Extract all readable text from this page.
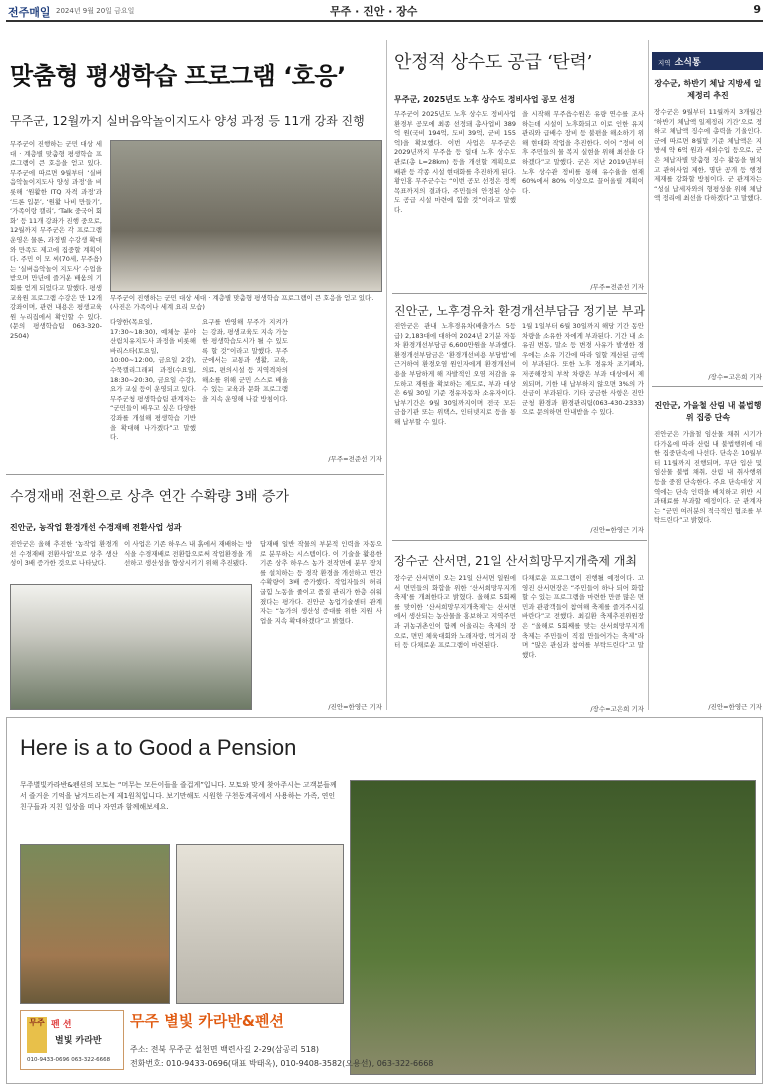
전주매일 2024년 9월 20일 금요일	무주 · 진안 · 장수	9
맞춤형 평생학습 프로그램 ‘호응’
무주군, 12월까지 실버음악놀이지도사 양성 과정 등 11개 강좌 진행
무주군이 진행하는 군민 대상 세대 · 계층별 맞춤형 평생학습 프로그램이 큰 호응을 얻고 있다. 무주군에 따르면 9월부터 ‘실버음악놀이지도사 양성 과정’을 비롯해 ‘원활한 ITQ 자격 과정’과 ‘드론 입문’, ‘원활 나비 만들기’, ‘가족이랑 캘리’, ‘Talk 중국어 회화’ 등 11개 강좌가 진행 중으로, 12월까지 무주군은 각 프로그램 운영은 물론, 과정별 수강생 확대와 만족도 제고에 집중할 계획이다. 주민 이 모 씨(70세, 무주읍)는 ‘실버음악놀이 지도사’ 수업을 받으며 만년에 즐거운 배움의 기회를 얻게 되었다고 말했다. 평생교육원 프로그램 수강은 만 12개 강좌이며, 관련 내용은 평생교육원 누리집에서 확인할 수 있다. (문의 평생학습팀 063-320-2504)
무주군이 진행하는 군민 대상 세대 · 계층별 맞춤형 평생학습 프로그램이 큰 호응을 얻고 있다.(사진은 가족이나 세계 요리 모습)
다양한(목요일, 17:30~18:30), 예체능 분야 산림치유지도사 과정을 비롯해 바리스타(토요일, 10:00~12:00, 금요일 2강), 수묵캘리그래피 과정(수요일, 18:30~20:30, 금요일 수강), 요가 교실 등이 운영되고 있다. 무주군청 평생학습팀 관계자는 “군민들이 배우고 싶은 다양한 강좌를 개설해 평생학습 기반을 확대해 나가겠다”고 말했다.
요구를 반영해 무주가 지켜가는 강좌, 평생교육도 지속 가능한 평생학습도시가 될 수 있도록 할 것”이라고 말했다. 무주군에서는 교통과 생활, 교육, 의료, 편의시설 등 지역격차의 해소를 위해 군민 스스로 배울 수 있는 교육과 문화 프로그램을 지속 운영해 나갈 방침이다.
/무주=전준선 기자
안정적 상수도 공급 ‘탄력’
무주군, 2025년도 노후 상수도 정비사업 공모 선정
무주군이 2025년도 노후 상수도 정비사업 환경부 공모에 최종 선정돼 총사업비 389억 원(국비 194억, 도비 39억, 군비 155억)을 확보했다. 이번 사업은 무주군은 2029년까지 무주읍 등 일대 노후 상수도 관로(총 L=28km) 등을 개선할 계획으로 배관 등 각종 시설 현대화를 추진하게 된다. 황인홍 무주군수는 “이번 공모 선정은 정책목표까지의 결과다, 주민들의 안정된 상수도 공급 시설 마련에 힘쓸 것”이라고 말했다.
을 시작해 무주읍수원은 유량 연수를 조사하는데 시설이 노후화되고 이로 인한 유지관리와 급배수 장비 등 불편을 해소하기 위해 현대화 작업을 추진한다. 이어 “정비 이후 주민들의 물 복지 실현을 위해 최선을 다하겠다”고 말했다. 군은 지난 2019년부터 노후 상수관 정비를 통해 유수율을 현재 60%에서 80% 이상으로 끌어올릴 계획이다.
/무주=전준선 기자
진안군, 노후경유차 환경개선부담금 정기분 부과
진안군은 관내 노후경유차(배출가스 5등급) 2,183대에 대하여 2024년 2기분 자동차 환경개선부담금 6,600만원을 부과했다. 환경개선부담금은 ‘환경개선비용 부담법’에 근거하여 환경오염 원인자에게 환경개선비용을 부담하게 해 자발적인 오염 저감을 유도하고 재원을 확보하는 제도로, 부과 대상은 6월 30일 기준 경유자동차 소유자이다. 납부기간은 9월 30일까지이며 전국 모든 금융기관 또는 위택스, 인터넷지로 등을 통해 납부할 수 있다.
1월 1일부터 6월 30일까지 해당 기간 동안 차량을 소유한 자에게 부과된다. 기간 내 소유권 변동, 말소 등 변경 사유가 발생한 경우에는 소유 기간에 따라 일할 계산된 금액이 부과된다. 또한 노후 경유차 조기폐차, 저공해장치 부착 차량은 부과 대상에서 제외되며, 기한 내 납부하지 않으면 3%의 가산금이 부과된다. 기타 궁금한 사항은 진안군청 환경과 환경관리팀(063-430-2333)으로 문의하면 안내받을 수 있다.
/진안=한영근 기자
수경재배 전환으로 상추 연간 수확량 3배 증가
진안군, 농작업 환경개선 수경재배 전환사업 성과
진안군은 올해 추진한 ‘농작업 환경개선 수경재배 전환사업’으로 상추 생산성이 3배 증가한 것으로 나타났다.
이 사업은 기존 하우스 내 흙에서 재배하는 방식을 수경재배로 전환함으로써 작업환경을 개선하고 생산성을 향상시키기 위해 추진됐다.
답재배 일반 작물의 부분적 인력을 자동으로 분무하는 시스템이다. 이 기술을 활용한 기존 상추 하우스 농가 전작면에 분무 장치를 설치하는 등 경작 환경을 개선하고 연간 수확량이 3배 증가했다. 작업자들의 허리 굽힘 노동을 줄이고 품질 관리가 한층 쉬워졌다는 평가다. 진안군 농업기술센터 관계자는 “농가의 생산성 증대를 위한 지원 사업을 지속 확대하겠다”고 밝혔다.
/진안=한영근 기자
장수군 산서면, 21일 산서희망무지개축제 개최
장수군 산서면이 오는 21일 산서면 일원에서 면민들의 화합을 위한 ‘산서희망무지개축제’를 개최한다고 밝혔다. 올해로 5회째를 맞이한 ‘산서희망무지개축제’는 산서면에서 생산되는 농산물을 홍보하고 지역주민과 귀농귀촌인이 함께 어울리는 축제의 장으로, 면민 체육대회와 노래자랑, 먹거리 장터 등 다채로운 프로그램이 마련된다.
다채로운 프로그램이 진행될 예정이다. 고영진 산서면장은 “주민들이 하나 되어 화합할 수 있는 프로그램을 마련한 만큼 많은 면민과 관광객들이 참여해 축제를 즐겨주시길 바란다”고 전했다. 최길환 축제추진위원장은 “올해로 5회째를 맞는 산서희망무지개축제는 주민들이 직접 만들어가는 축제”라며 “많은 관심과 참여를 부탁드린다”고 말했다.
/장수=고은희 기자
지역 소식통
장수군, 하반기 체납 지방세 일제정리 추진
장수군은 9월부터 11월까지 3개월간 ‘하반기 체납액 일제정리 기간’으로 정하고 체납액 징수에 총력을 기울인다. 군에 따르면 8월말 기준 체납액은 지방세 약 6억 원과 세외수입 등으로, 군은 체납자별 맞춤형 징수 활동을 펼치고 관허사업 제한, 명단 공개 등 행정제재를 강화할 방침이다. 군 관계자는 “성실 납세자와의 형평성을 위해 체납액 정리에 최선을 다하겠다”고 말했다.
/장수=고은희 기자
진안군, 가을철 산림 내 불법행위 집중 단속
진안군은 가을철 임산물 채취 시기가 다가옴에 따라 산림 내 불법행위에 대한 집중단속에 나선다. 단속은 10월부터 11월까지 진행되며, 무단 입산 및 임산물 불법 채취, 산림 내 취사행위 등을 중점 단속한다. 주요 단속대상 지역에는 단속 인력을 배치하고 위반 시 과태료를 부과할 예정이다. 군 관계자는 “군민 여러분의 적극적인 협조를 부탁드린다”고 밝혔다.
/진안=한영근 기자
Here is a to Good a Pension
무주별빛카라반&펜션의 모토는 “머무는 모든이들을 즐겁게”입니다. 모토와 맞게 찾아주시는 고객분들께서 즐거운 기억을 남겨드리는게 제1원칙입니다. 보기만해도 시원한 구천동계곡에서 사용하는 가족, 연인 친구들과 지친 일상을 떠나 자연과 함께해보세요.
무주 펜 션
별빛 카라반
010-9433-0696 063-322-6668
무주 별빛 카라반&펜션
주소: 전북 무주군 설천면 백련사길 2-29(삼공리 518)
전화번호: 010-9433-0696(대표 박태옥), 010-9408-3582(오용선), 063-322-6668
